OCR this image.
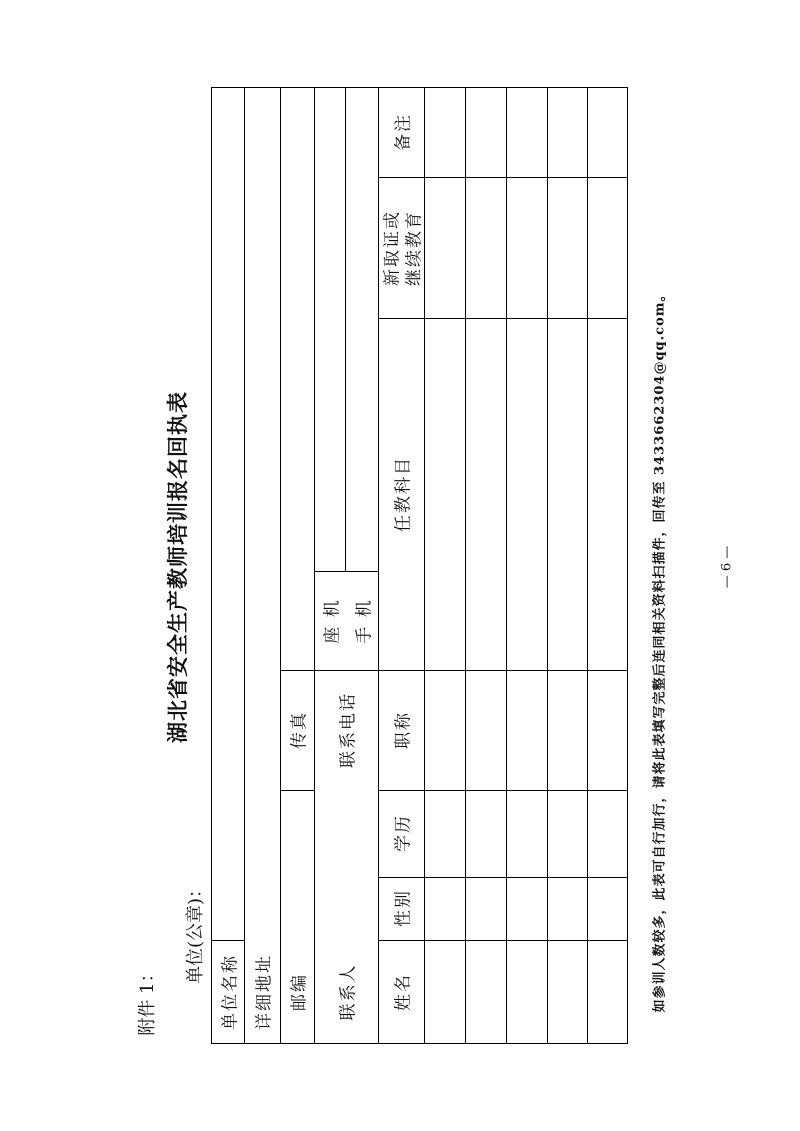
附件 1：
单位(公章)：
湖北省安全生产教师培训报名回执表	如参训人数较多，此表可自行加行，请将此表填写完整后连同相关资料扫描件，回传至 3433662304@qq.com。	— 6 —
单位名称 详细地址 邮编
传真
联系人
联系电话
座 机 手 机
姓名
性别
学历
职称
任教科目
新取证或 继续教育
备注
